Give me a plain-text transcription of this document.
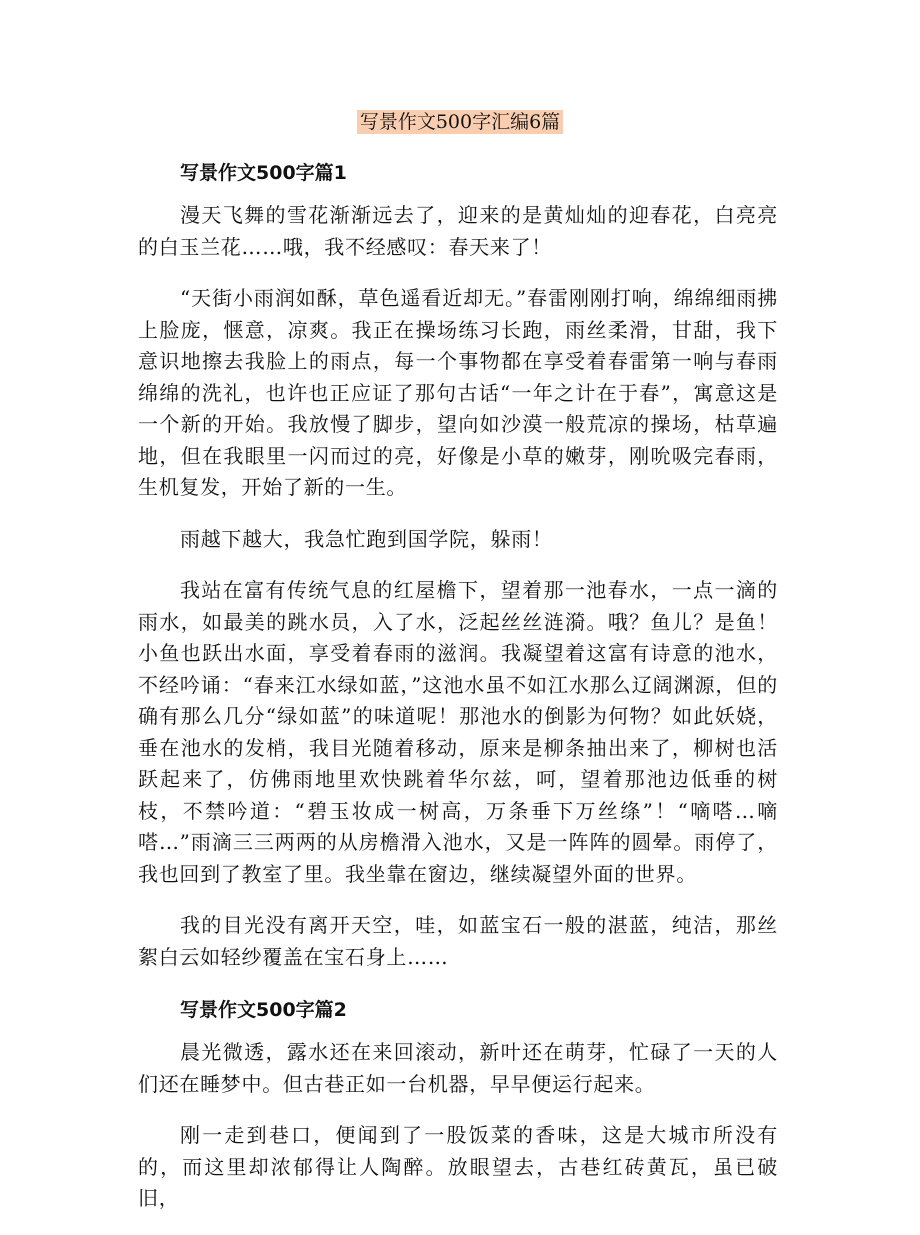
写景作文500字汇编6篇
写景作文500字篇1

漫天飞舞的雪花渐渐远去了，迎来的是黄灿灿的迎春花，白亮亮的白玉兰花……哦，我不经感叹：春天来了！

“天街小雨润如酥，草色遥看近却无。”春雷刚刚打响，绵绵细雨拂上脸庞，惬意，凉爽。我正在操场练习长跑，雨丝柔滑，甘甜，我下意识地擦去我脸上的雨点，每一个事物都在享受着春雷第一响与春雨绵绵的洗礼，也许也正应证了那句古话“一年之计在于春”，寓意这是一个新的开始。我放慢了脚步，望向如沙漠一般荒凉的操场，枯草遍地，但在我眼里一闪而过的亮，好像是小草的嫩芽，刚吮吸完春雨，生机复发，开始了新的一生。

雨越下越大，我急忙跑到国学院，躲雨！

我站在富有传统气息的红屋檐下，望着那一池春水，一点一滴的雨水，如最美的跳水员，入了水，泛起丝丝涟漪。哦？鱼儿？是鱼！小鱼也跃出水面，享受着春雨的滋润。我凝望着这富有诗意的池水，不经吟诵：“春来江水绿如蓝，”这池水虽不如江水那么辽阔渊源，但的确有那么几分“绿如蓝”的味道呢！那池水的倒影为何物？如此妖娆，垂在池水的发梢，我目光随着移动，原来是柳条抽出来了，柳树也活跃起来了，仿佛雨地里欢快跳着华尔兹，呵，望着那池边低垂的树枝，不禁吟道：“碧玉妆成一树高，万条垂下万丝绦”！“嘀嗒…嘀嗒…”雨滴三三两两的从房檐滑入池水，又是一阵阵的圆晕。雨停了，我也回到了教室了里。我坐靠在窗边，继续凝望外面的世界。

我的目光没有离开天空，哇，如蓝宝石一般的湛蓝，纯洁，那丝絮白云如轻纱覆盖在宝石身上……

写景作文500字篇2

晨光微透，露水还在来回滚动，新叶还在萌芽，忙碌了一天的人们还在睡梦中。但古巷正如一台机器，早早便运行起来。

刚一走到巷口，便闻到了一股饭菜的香味，这是大城市所没有的，而这里却浓郁得让人陶醉。放眼望去，古巷红砖黄瓦，虽已破旧，
